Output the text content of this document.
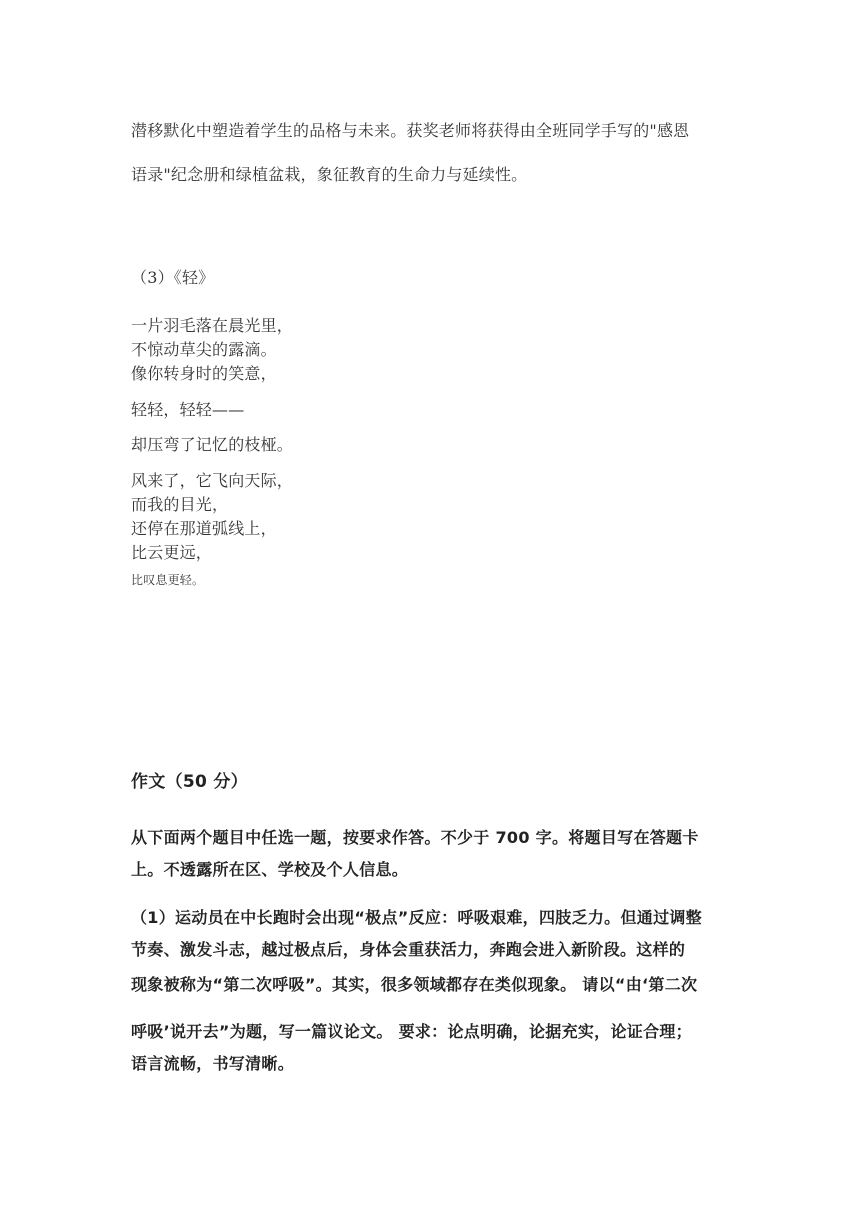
潜移默化中塑造着学生的品格与未来。获奖老师将获得由全班同学手写的"感恩

语录"纪念册和绿植盆栽，象征教育的生命力与延续性。

（3）《轻》

一片羽毛落在晨光里，

不惊动草尖的露滴。

像你转身时的笑意，

轻轻，轻轻——

却压弯了记忆的枝桠。

风来了，它飞向天际，

而我的目光，

还停在那道弧线上，

比云更远，

比叹息更轻。

作文（50 分）

从下面两个题目中任选一题，按要求作答。不少于 700 字。将题目写在答题卡

上。不透露所在区、学校及个人信息。

（1）运动员在中长跑时会出现“极点”反应：呼吸艰难，四肢乏力。但通过调整

节奏、激发斗志，越过极点后，身体会重获活力，奔跑会进入新阶段。这样的

现象被称为“第二次呼吸”。其实，很多领域都存在类似现象。 请以“由‘第二次

呼吸’说开去”为题，写一篇议论文。 要求：论点明确，论据充实，论证合理；

语言流畅，书写清晰。
